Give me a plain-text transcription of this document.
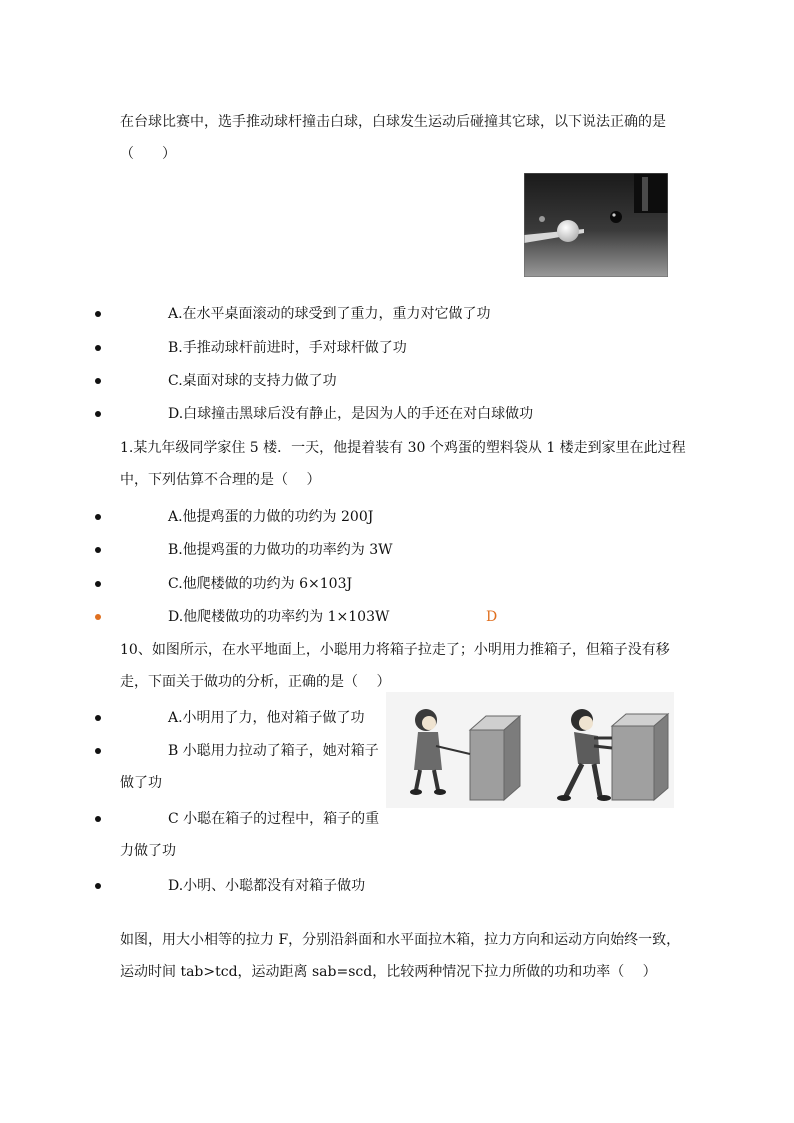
在台球比赛中，选手推动球杆撞击白球，白球发生运动后碰撞其它球，以下说法正确的是
（　　）
A.在水平桌面滚动的球受到了重力，重力对它做了功
B.手推动球杆前进时，手对球杆做了功
C.桌面对球的支持力做了功
D.白球撞击黑球后没有静止，是因为人的手还在对白球做功
1.某九年级同学家住 5 楼．一天，他提着装有 30 个鸡蛋的塑料袋从 1 楼走到家里在此过程
中，下列估算不合理的是（　 ）
A.他提鸡蛋的力做的功约为 200J
B.他提鸡蛋的力做功的功率约为 3W
C.他爬楼做的功约为 6×103J
D.他爬楼做功的功率约为 1×103W	D
10、如图所示，在水平地面上，小聪用力将箱子拉走了；小明用力推箱子，但箱子没有移
走，下面关于做功的分析，正确的是（　 ）
A.小明用了力，他对箱子做了功
B 小聪用力拉动了箱子，她对箱子
做了功
C 小聪在箱子的过程中，箱子的重
力做了功
D.小明、小聪都没有对箱子做功
如图，用大小相等的拉力 F，分别沿斜面和水平面拉木箱，拉力方向和运动方向始终一致，
运动时间 tab>tcd，运动距离 sab=scd，比较两种情况下拉力所做的功和功率（　 ）
